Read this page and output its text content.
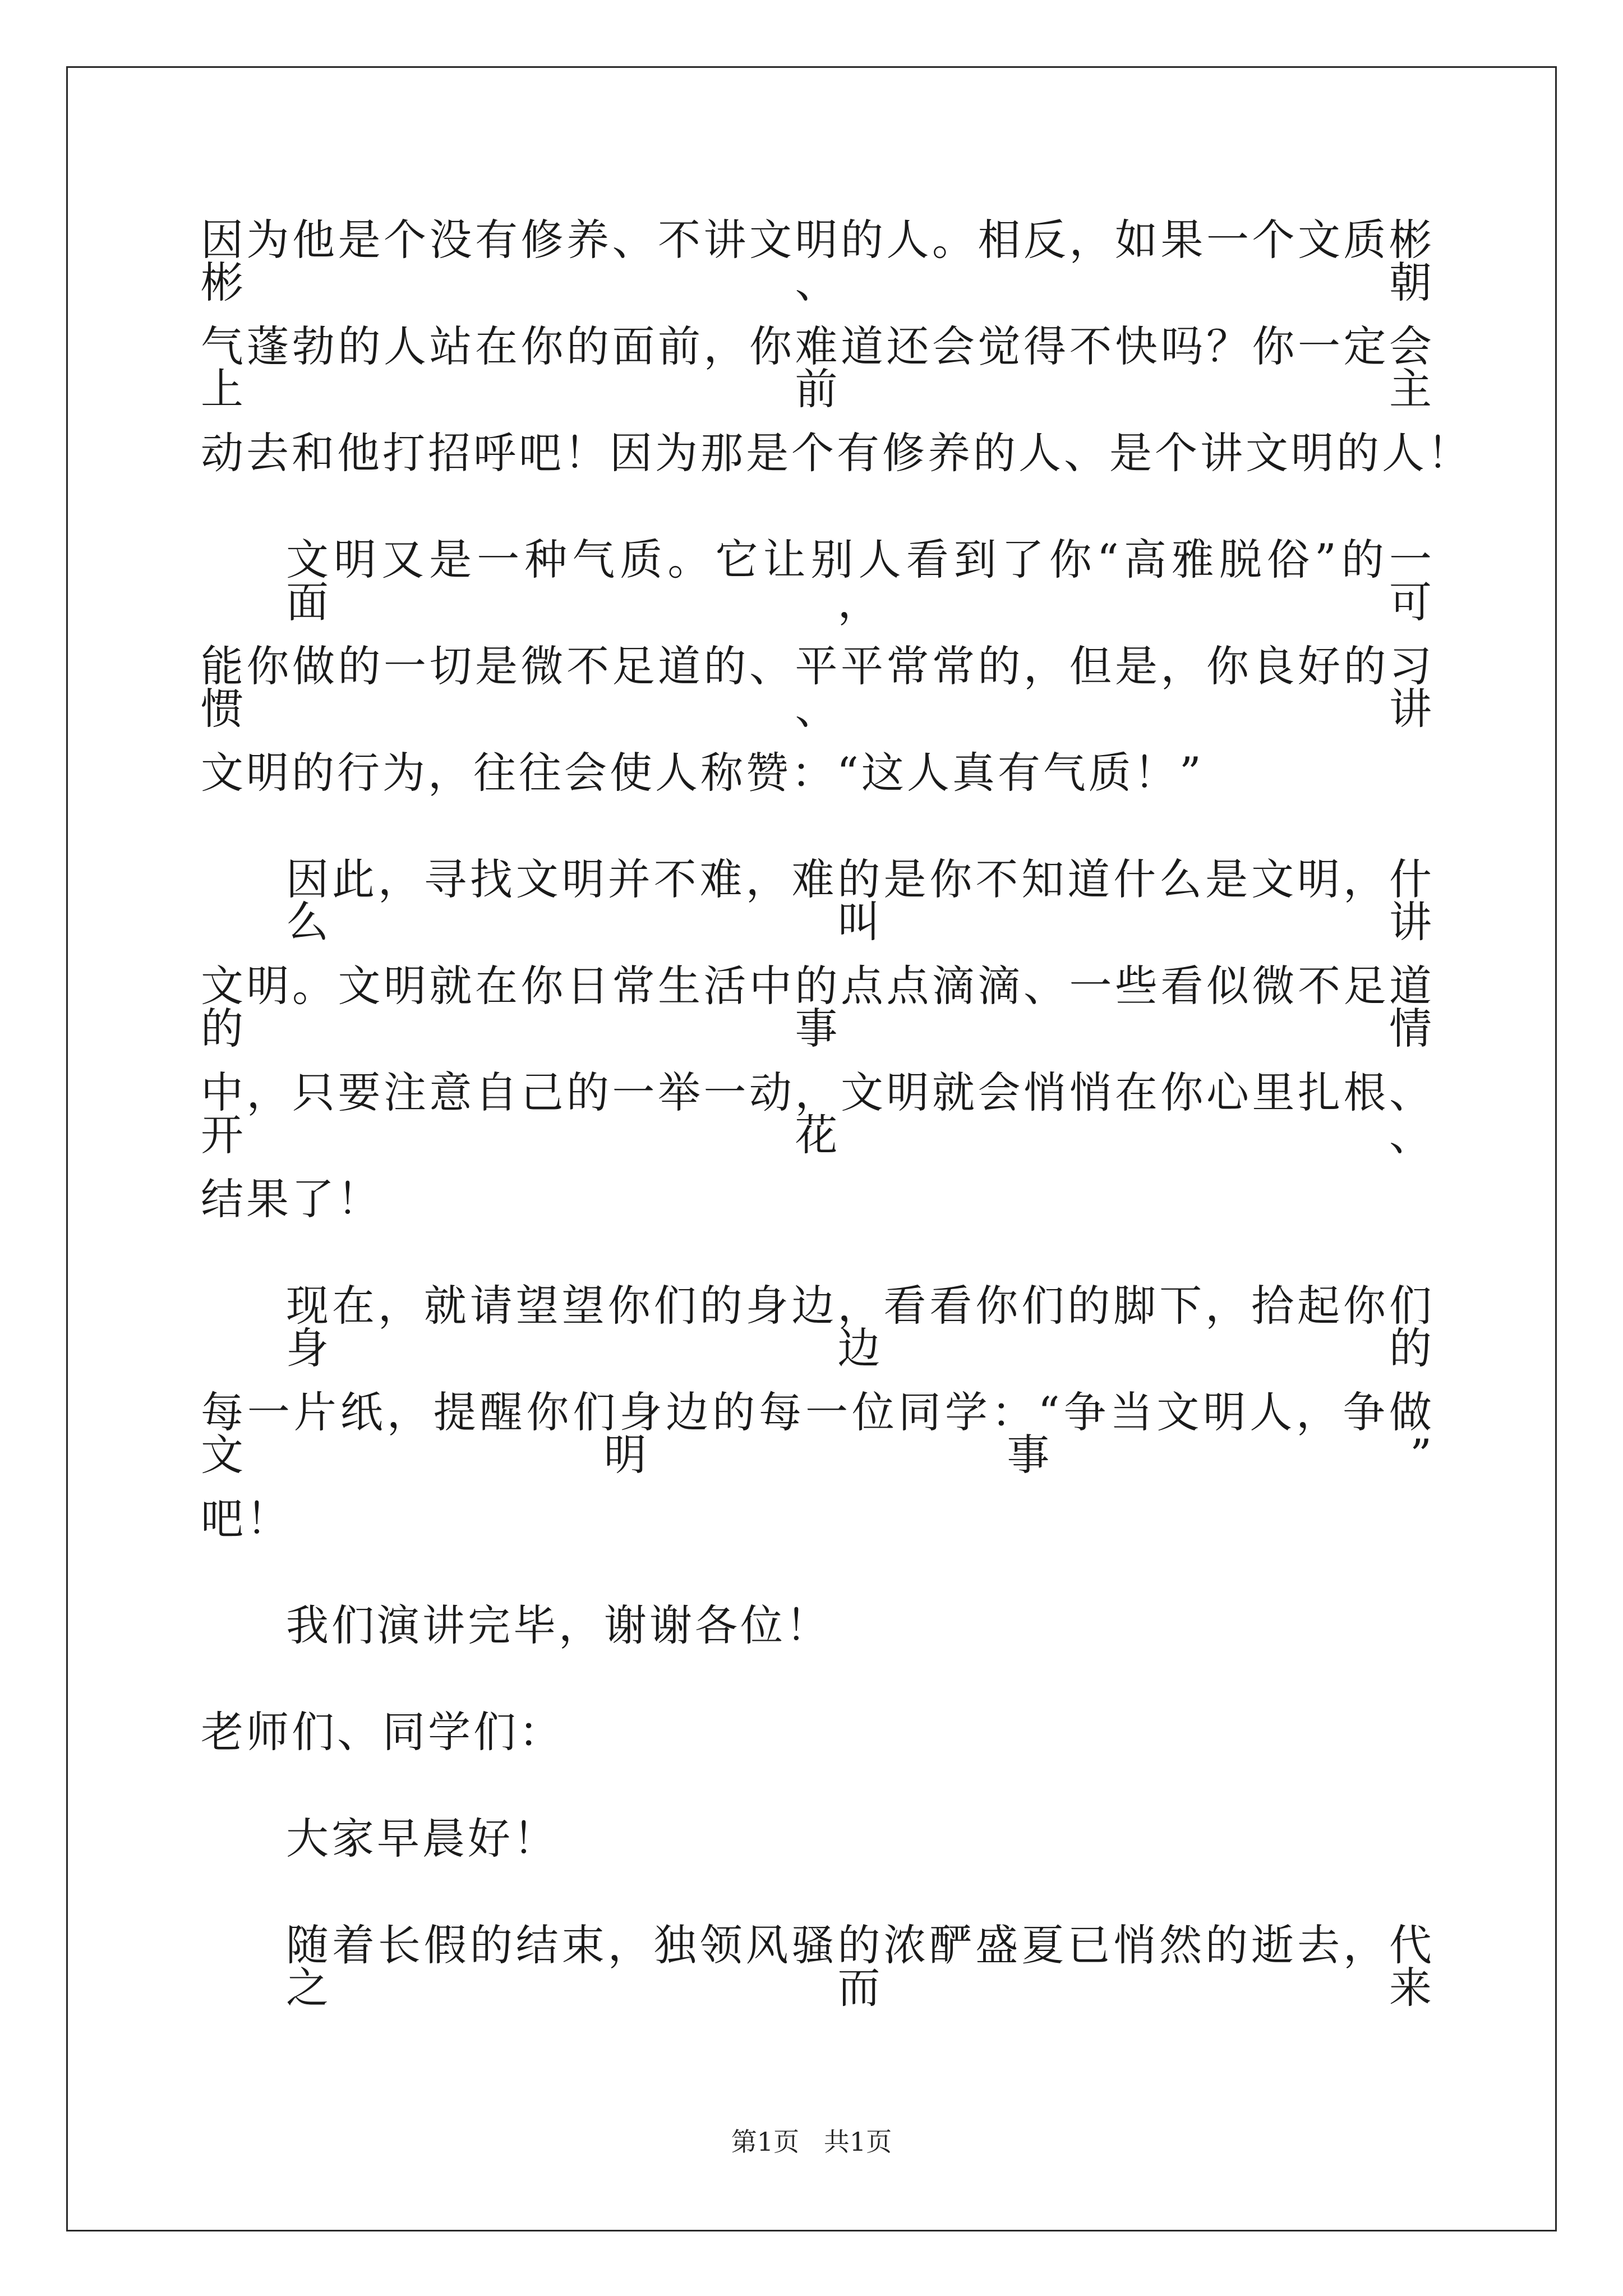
因为他是个没有修养、不讲文明的人。相反，如果一个文质彬彬、朝
气蓬勃的人站在你的面前，你难道还会觉得不快吗？你一定会上前主
动去和他打招呼吧！因为那是个有修养的人、是个讲文明的人！
文明又是一种气质。它让别人看到了你“高雅脱俗”的一面，可
能你做的一切是微不足道的、平平常常的，但是，你良好的习惯、讲
文明的行为，往往会使人称赞：“这人真有气质！”
因此，寻找文明并不难，难的是你不知道什么是文明，什么叫讲
文明。文明就在你日常生活中的点点滴滴、一些看似微不足道的事情
中，只要注意自己的一举一动，文明就会悄悄在你心里扎根、开花、
结果了！
现在，就请望望你们的身边，看看你们的脚下，拾起你们身边的
每一片纸，提醒你们身边的每一位同学：“争当文明人，争做文明事”
吧！
我们演讲完毕，谢谢各位！
老师们、同学们：
大家早晨好！
随着长假的结束，独领风骚的浓酽盛夏已悄然的逝去，代之而来
第1页   共1页
